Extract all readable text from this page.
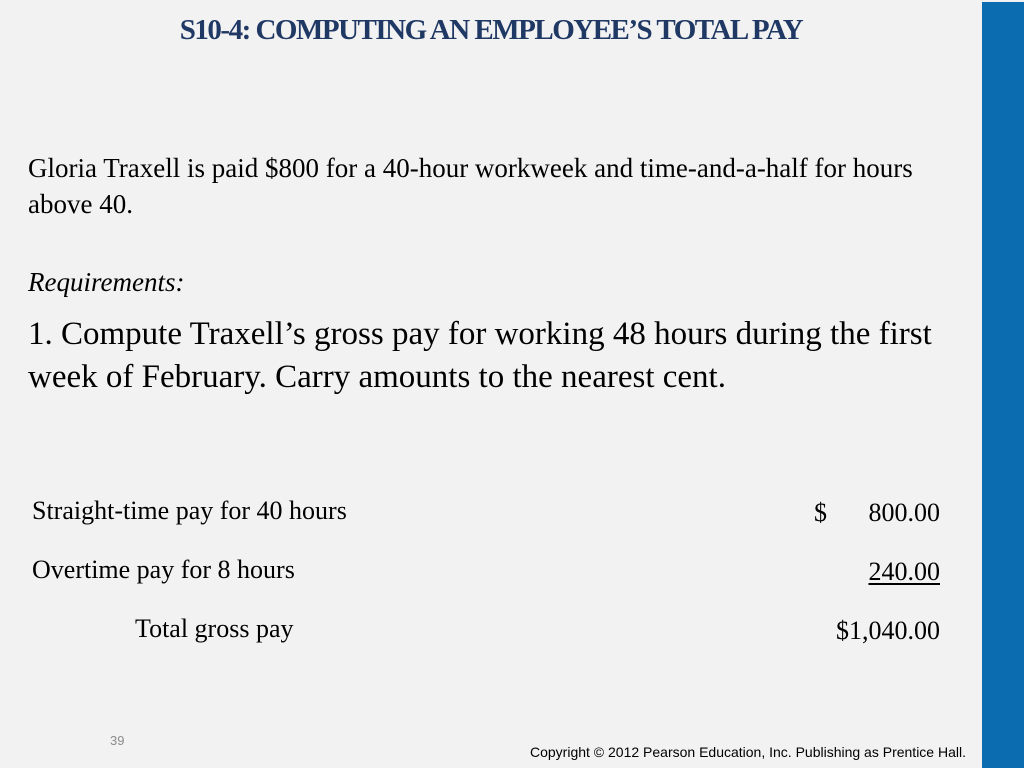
S10-4: COMPUTING AN EMPLOYEE’S TOTAL PAY
Gloria Traxell is paid $800 for a 40-hour workweek and time-and-a-half for hours above 40.
Requirements:
1. Compute Traxell’s gross pay for working 48 hours during the first week of February. Carry amounts to the nearest cent.
Straight-time pay for 40 hours	$ 800.00
Overtime pay for 8 hours	240.00
Total gross pay	$1,040.00
39
Copyright © 2012 Pearson Education, Inc. Publishing as Prentice Hall.
